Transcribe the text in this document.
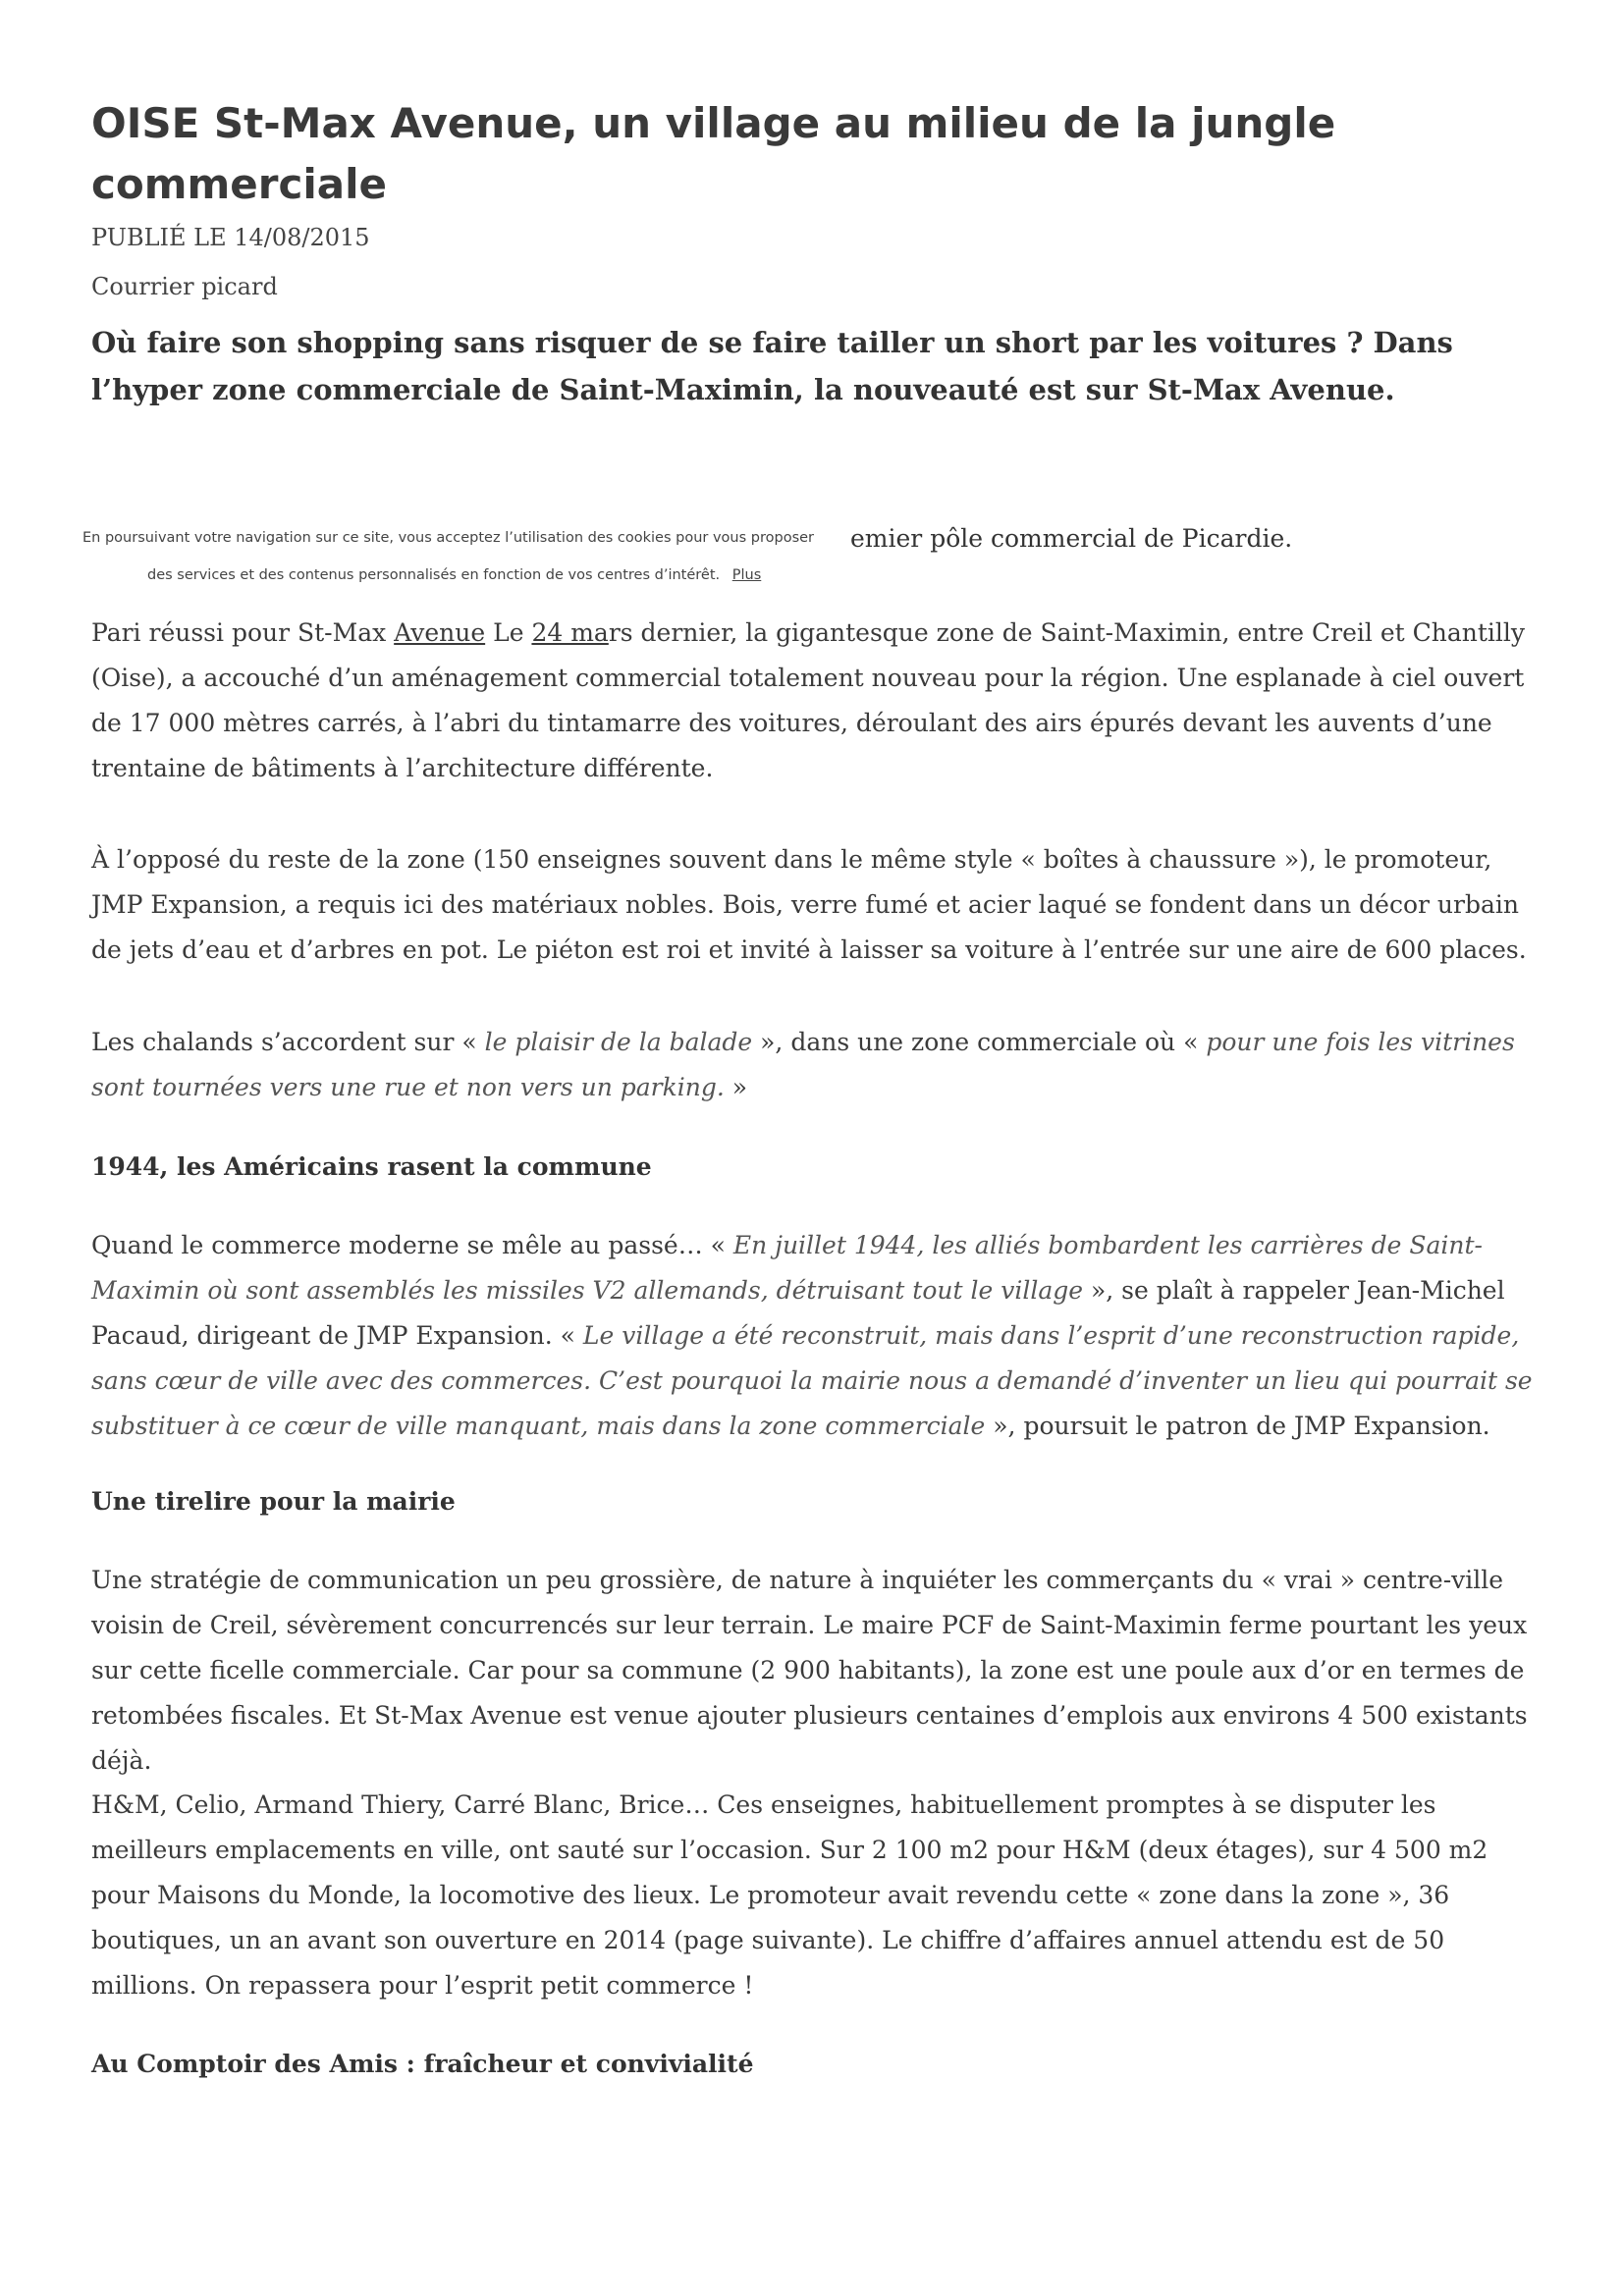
OISE St-Max Avenue, un village au milieu de la jungle commerciale

PUBLIÉ LE 14/08/2015

Courrier picard

Où faire son shopping sans risquer de se faire tailler un short par les voitures ? Dans l’hyper zone commerciale de Saint-Maximin, la nouveauté est sur St-Max Avenue.

En poursuivant votre navigation sur ce site, vous acceptez l’utilisation des cookies pour vous proposer
des services et des contenus personnalisés en fonction de vos centres d’intérêt. Plus
emier pôle commercial de Picardie.

Pari réussi pour St-Max Avenue Le 24 mars dernier, la gigantesque zone de Saint-Maximin, entre Creil et Chantilly (Oise), a accouché d’un aménagement commercial totalement nouveau pour la région. Une esplanade à ciel ouvert de 17 000 mètres carrés, à l’abri du tintamarre des voitures, déroulant des airs épurés devant les auvents d’une trentaine de bâtiments à l’architecture différente.

À l’opposé du reste de la zone (150 enseignes souvent dans le même style « boîtes à chaussure »), le promoteur, JMP Expansion, a requis ici des matériaux nobles. Bois, verre fumé et acier laqué se fondent dans un décor urbain de jets d’eau et d’arbres en pot. Le piéton est roi et invité à laisser sa voiture à l’entrée sur une aire de 600 places.

Les chalands s’accordent sur « le plaisir de la balade », dans une zone commerciale où « pour une fois les vitrines sont tournées vers une rue et non vers un parking. »

1944, les Américains rasent la commune

Quand le commerce moderne se mêle au passé… « En juillet 1944, les alliés bombardent les carrières de Saint-Maximin où sont assemblés les missiles V2 allemands, détruisant tout le village », se plaît à rappeler Jean-Michel Pacaud, dirigeant de JMP Expansion. « Le village a été reconstruit, mais dans l’esprit d’une reconstruction rapide, sans cœur de ville avec des commerces. C’est pourquoi la mairie nous a demandé d’inventer un lieu qui pourrait se substituer à ce cœur de ville manquant, mais dans la zone commerciale », poursuit le patron de JMP Expansion.

Une tirelire pour la mairie

Une stratégie de communication un peu grossière, de nature à inquiéter les commerçants du « vrai » centre-ville voisin de Creil, sévèrement concurrencés sur leur terrain. Le maire PCF de Saint-Maximin ferme pourtant les yeux sur cette ficelle commerciale. Car pour sa commune (2 900 habitants), la zone est une poule aux d’or en termes de retombées fiscales. Et St-Max Avenue est venue ajouter plusieurs centaines d’emplois aux environs 4 500 existants déjà.

H&M, Celio, Armand Thiery, Carré Blanc, Brice… Ces enseignes, habituellement promptes à se disputer les meilleurs emplacements en ville, ont sauté sur l’occasion. Sur 2 100 m2 pour H&M (deux étages), sur 4 500 m2 pour Maisons du Monde, la locomotive des lieux. Le promoteur avait revendu cette « zone dans la zone », 36 boutiques, un an avant son ouverture en 2014 (page suivante). Le chiffre d’affaires annuel attendu est de 50 millions. On repassera pour l’esprit petit commerce !

Au Comptoir des Amis : fraîcheur et convivialité
